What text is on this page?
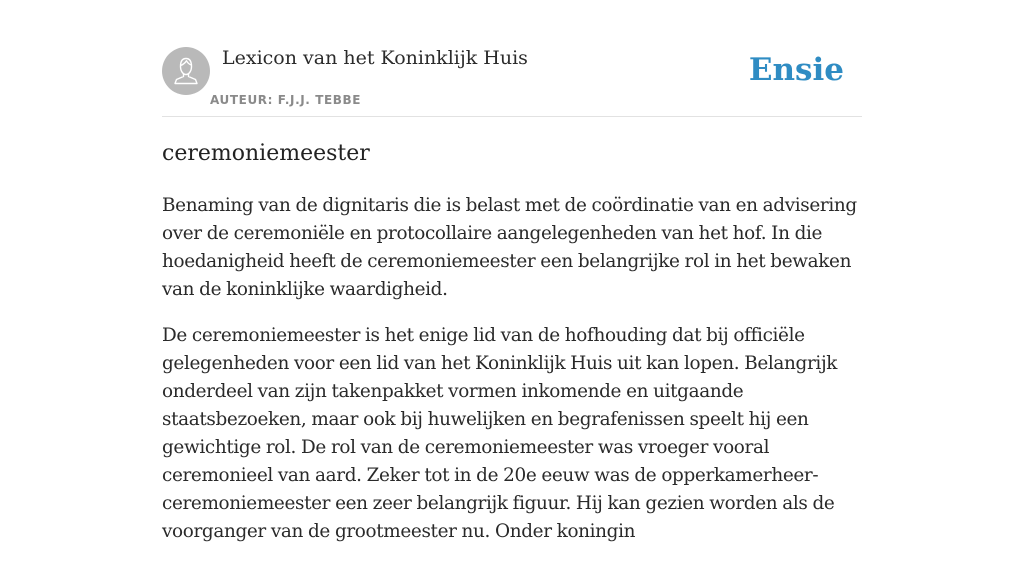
Lexicon van het Koninklijk Huis
AUTEUR: F.J.J. TEBBE
Ensie
ceremoniemeester

Benaming van de dignitaris die is belast met de coördinatie van en advisering over de ceremoniële en protocollaire aangelegenheden van het hof. In die hoedanigheid heeft de ceremoniemeester een belangrijke rol in het bewaken van de koninklijke waardigheid.

De ceremoniemeester is het enige lid van de hofhouding dat bij officiële gelegenheden voor een lid van het Koninklijk Huis uit kan lopen. Belangrijk onderdeel van zijn takenpakket vormen inkomende en uitgaande staatsbezoeken, maar ook bij huwelijken en begrafenissen speelt hij een gewichtige rol. De rol van de ceremoniemeester was vroeger vooral ceremonieel van aard. Zeker tot in de 20e eeuw was de opperkamerheer-ceremoniemeester een zeer belangrijk figuur. Hij kan gezien worden als de voorganger van de grootmeester nu. Onder koningin
